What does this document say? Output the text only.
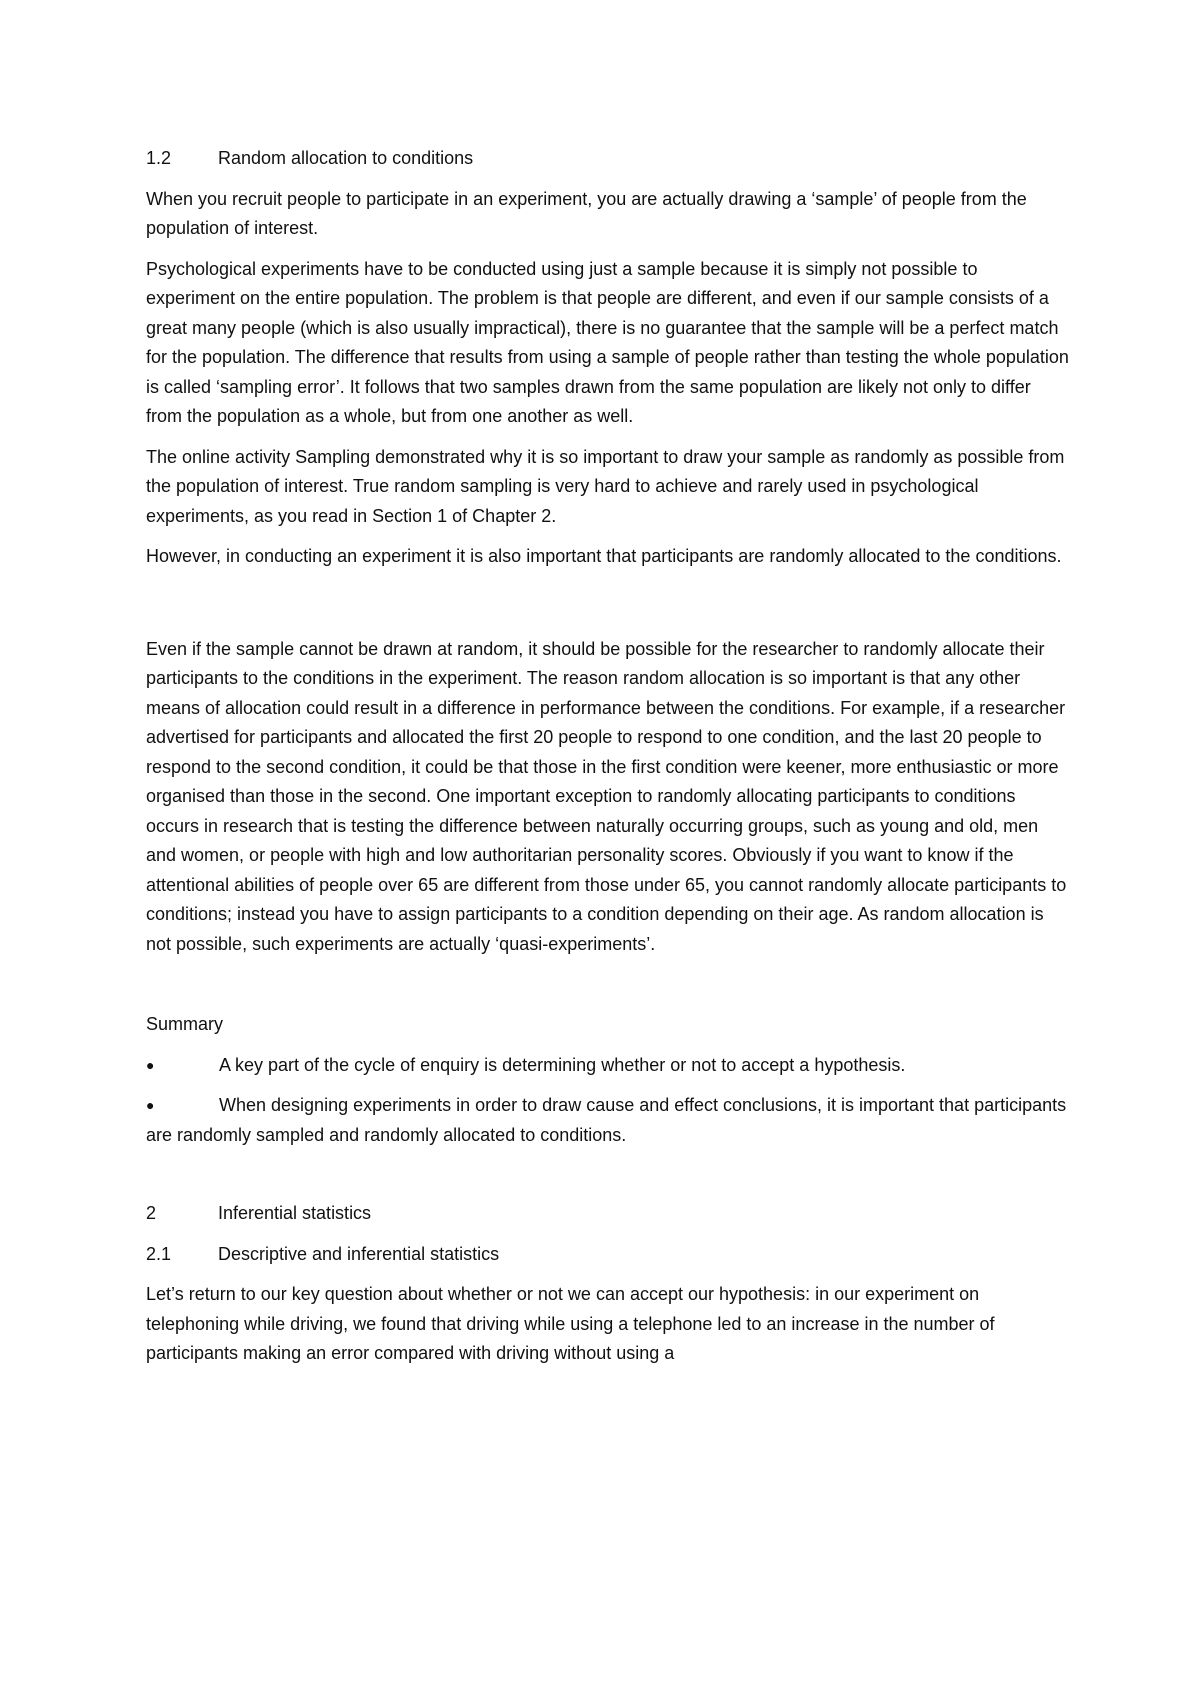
1.2	Random allocation to conditions

When you recruit people to participate in an experiment, you are actually drawing a ‘sample’ of people from the population of interest.

Psychological experiments have to be conducted using just a sample because it is simply not possible to experiment on the entire population. The problem is that people are different, and even if our sample consists of a great many people (which is also usually impractical), there is no guarantee that the sample will be a perfect match for the population. The difference that results from using a sample of people rather than testing the whole population is called ‘sampling error’. It follows that two samples drawn from the same population are likely not only to differ from the population as a whole, but from one another as well.

The online activity Sampling demonstrated why it is so important to draw your sample as randomly as possible from the population of interest. True random sampling is very hard to achieve and rarely used in psychological experiments, as you read in Section 1 of Chapter 2.

However, in conducting an experiment it is also important that participants are randomly allocated to the conditions.

Even if the sample cannot be drawn at random, it should be possible for the researcher to randomly allocate their participants to the conditions in the experiment. The reason random allocation is so important is that any other means of allocation could result in a difference in performance between the conditions. For example, if a researcher advertised for participants and allocated the first 20 people to respond to one condition, and the last 20 people to respond to the second condition, it could be that those in the first condition were keener, more enthusiastic or more organised than those in the second. One important exception to randomly allocating participants to conditions occurs in research that is testing the difference between naturally occurring groups, such as young and old, men and women, or people with high and low authoritarian personality scores. Obviously if you want to know if the attentional abilities of people over 65 are different from those under 65, you cannot randomly allocate participants to conditions; instead you have to assign participants to a condition depending on their age. As random allocation is not possible, such experiments are actually ‘quasi-experiments’.

Summary

●	A key part of the cycle of enquiry is determining whether or not to accept a hypothesis.

●	When designing experiments in order to draw cause and effect conclusions, it is important that participants are randomly sampled and randomly allocated to conditions.

2	Inferential statistics
2.1	Descriptive and inferential statistics

Let’s return to our key question about whether or not we can accept our hypothesis: in our experiment on telephoning while driving, we found that driving while using a telephone led to an increase in the number of participants making an error compared with driving without using a
